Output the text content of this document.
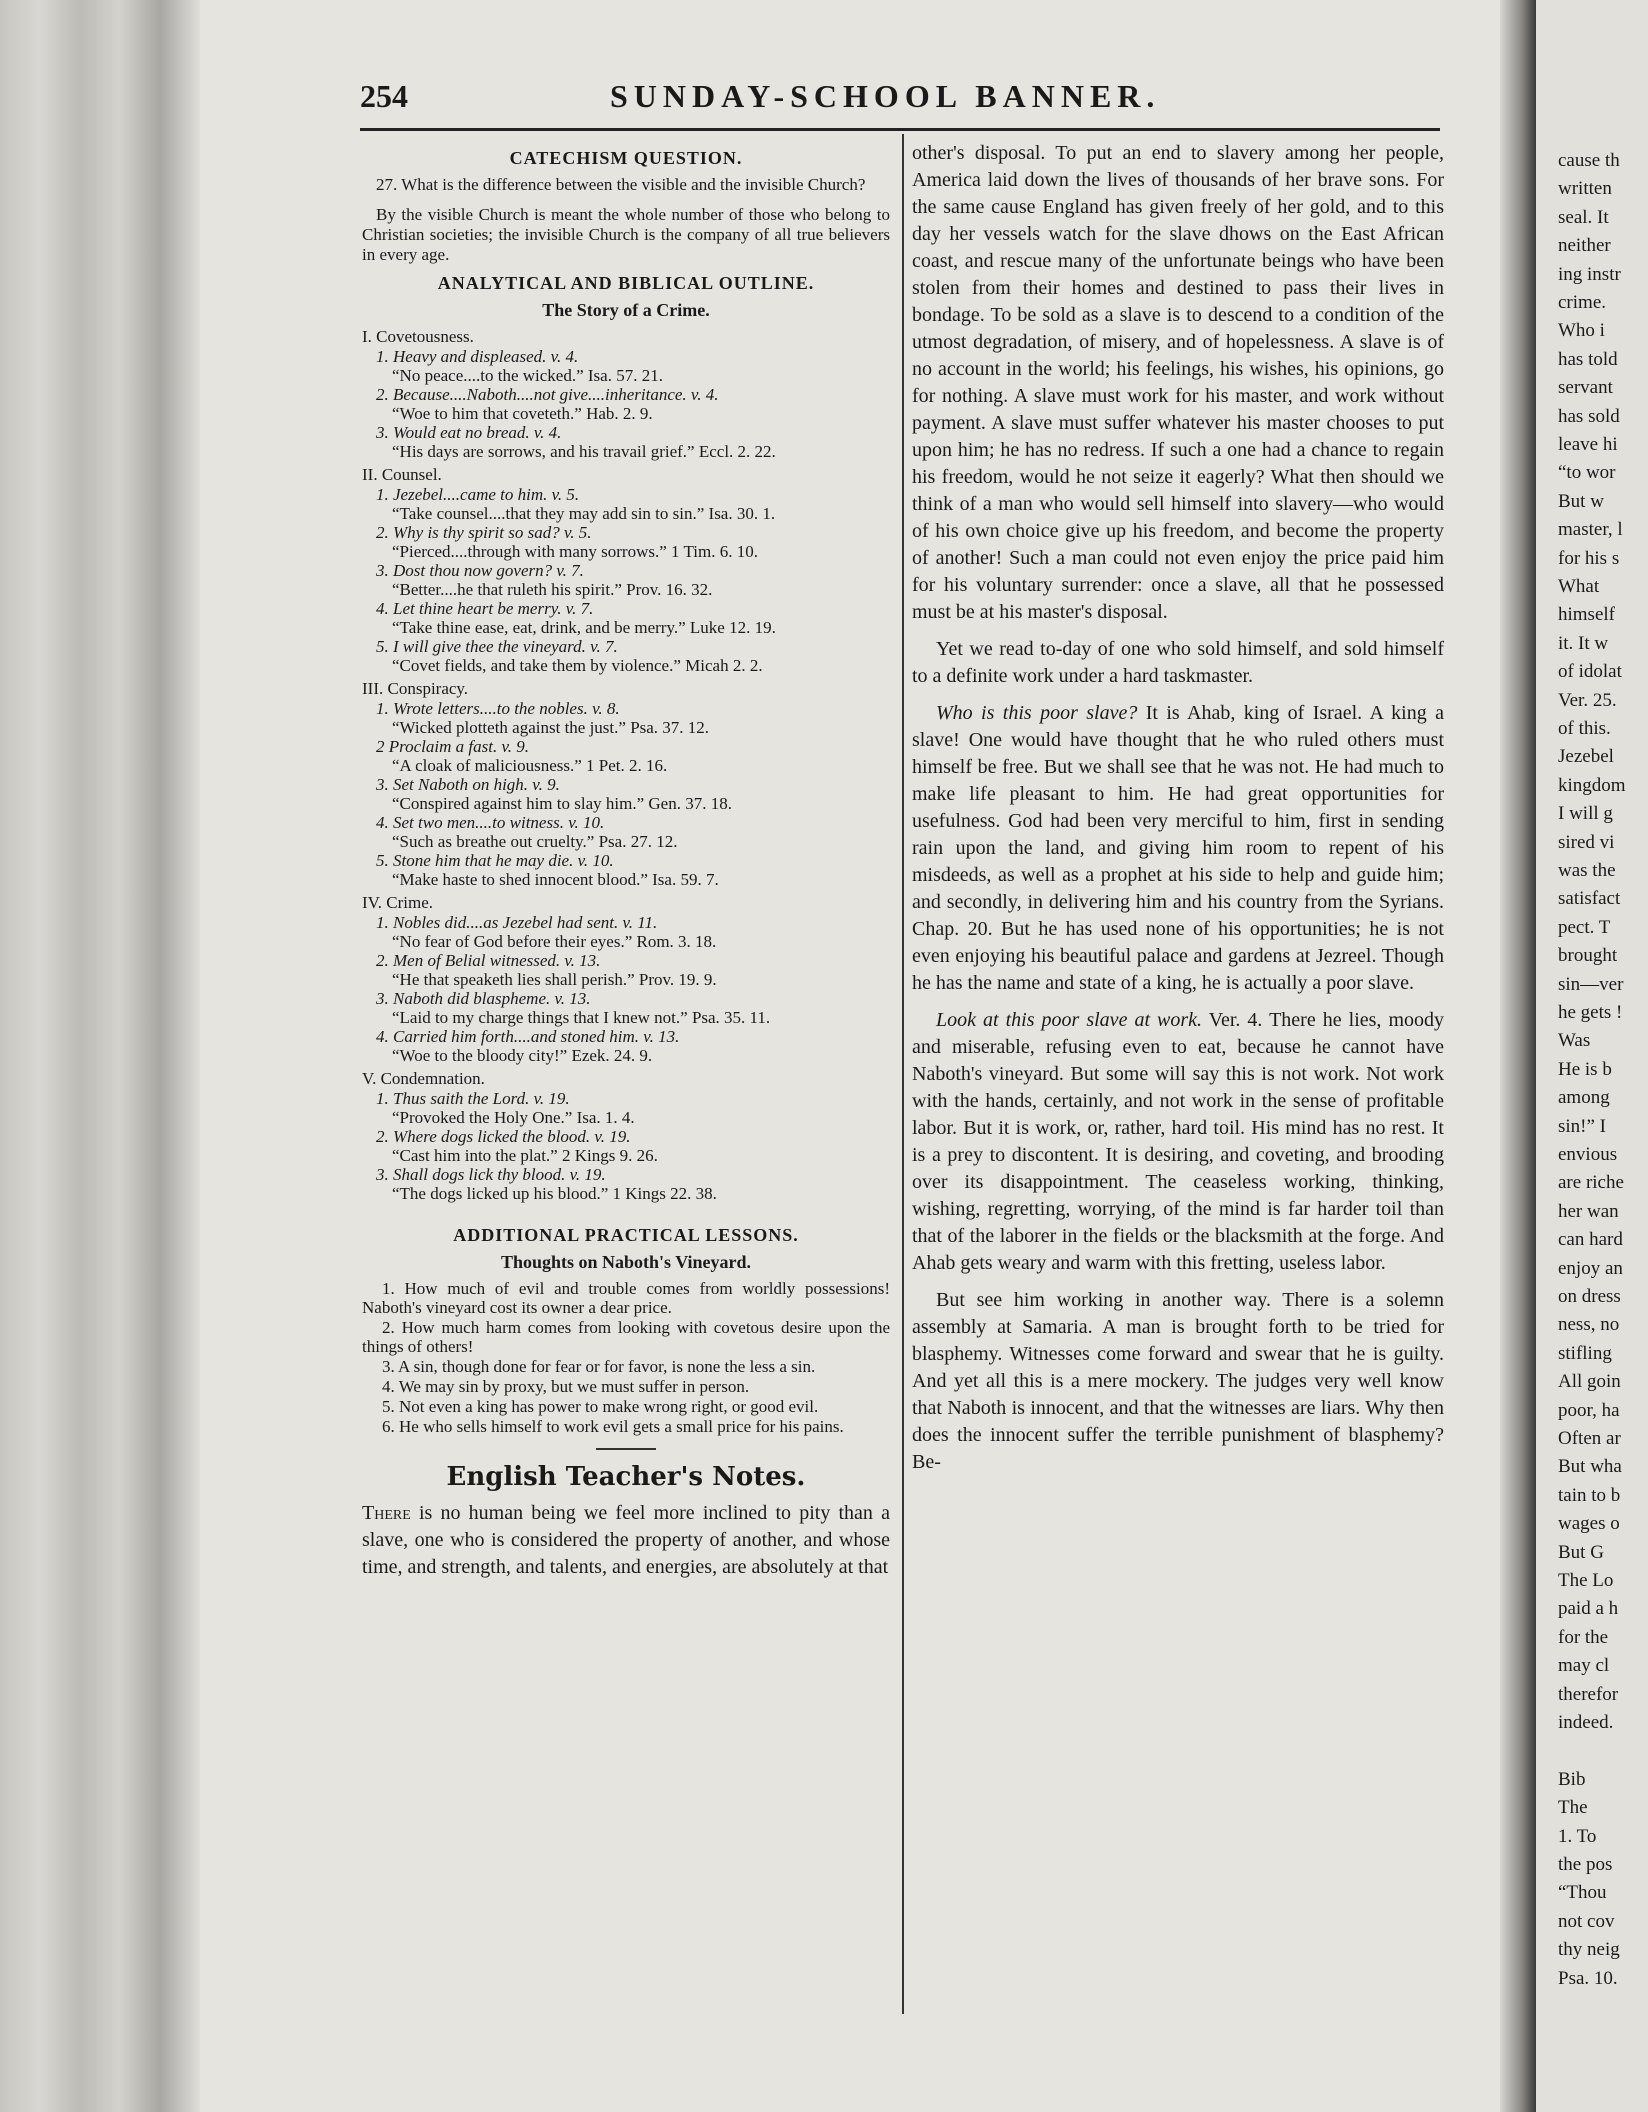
254	SUNDAY-SCHOOL BANNER.
CATECHISM QUESTION.
27. What is the difference between the visible and the invisible Church?
By the visible Church is meant the whole number of those who belong to Christian societies; the invisible Church is the company of all true believers in every age.
ANALYTICAL AND BIBLICAL OUTLINE.
The Story of a Crime.
I. Covetousness.
1. Heavy and displeased. v. 4.
“No peace....to the wicked.” Isa. 57. 21.
2. Because....Naboth....not give....inheritance. v. 4.
“Woe to him that coveteth.” Hab. 2. 9.
3. Would eat no bread. v. 4.
“His days are sorrows, and his travail grief.” Eccl. 2. 22.
II. Counsel.
1. Jezebel....came to him. v. 5.
“Take counsel....that they may add sin to sin.” Isa. 30. 1.
2. Why is thy spirit so sad? v. 5.
“Pierced....through with many sorrows.” 1 Tim. 6. 10.
3. Dost thou now govern? v. 7.
“Better....he that ruleth his spirit.” Prov. 16. 32.
4. Let thine heart be merry. v. 7.
“Take thine ease, eat, drink, and be merry.” Luke 12. 19.
5. I will give thee the vineyard. v. 7.
“Covet fields, and take them by violence.” Micah 2. 2.
III. Conspiracy.
1. Wrote letters....to the nobles. v. 8.
“Wicked plotteth against the just.” Psa. 37. 12.
2 Proclaim a fast. v. 9.
“A cloak of maliciousness.” 1 Pet. 2. 16.
3. Set Naboth on high. v. 9.
“Conspired against him to slay him.” Gen. 37. 18.
4. Set two men....to witness. v. 10.
“Such as breathe out cruelty.” Psa. 27. 12.
5. Stone him that he may die. v. 10.
“Make haste to shed innocent blood.” Isa. 59. 7.
IV. Crime.
1. Nobles did....as Jezebel had sent. v. 11.
“No fear of God before their eyes.” Rom. 3. 18.
2. Men of Belial witnessed. v. 13.
“He that speaketh lies shall perish.” Prov. 19. 9.
3. Naboth did blaspheme. v. 13.
“Laid to my charge things that I knew not.” Psa. 35. 11.
4. Carried him forth....and stoned him. v. 13.
“Woe to the bloody city!” Ezek. 24. 9.
V. Condemnation.
1. Thus saith the Lord. v. 19.
“Provoked the Holy One.” Isa. 1. 4.
2. Where dogs licked the blood. v. 19.
“Cast him into the plat.” 2 Kings 9. 26.
3. Shall dogs lick thy blood. v. 19.
“The dogs licked up his blood.” 1 Kings 22. 38.
ADDITIONAL PRACTICAL LESSONS.
Thoughts on Naboth's Vineyard.
1. How much of evil and trouble comes from worldly possessions! Naboth's vineyard cost its owner a dear price.
2. How much harm comes from looking with covetous desire upon the things of others!
3. A sin, though done for fear or for favor, is none the less a sin.
4. We may sin by proxy, but we must suffer in person.
5. Not even a king has power to make wrong right, or good evil.
6. He who sells himself to work evil gets a small price for his pains.
English Teacher's Notes.

There is no human being we feel more inclined to pity than a slave, one who is considered the property of another, and whose time, and strength, and talents, and energies, are absolutely at that

other's disposal. To put an end to slavery among her people, America laid down the lives of thousands of her brave sons. For the same cause England has given freely of her gold, and to this day her vessels watch for the slave dhows on the East African coast, and rescue many of the unfortunate beings who have been stolen from their homes and destined to pass their lives in bondage. To be sold as a slave is to descend to a condition of the utmost degradation, of misery, and of hopelessness. A slave is of no account in the world; his feelings, his wishes, his opinions, go for nothing. A slave must work for his master, and work without payment. A slave must suffer whatever his master chooses to put upon him; he has no redress. If such a one had a chance to regain his freedom, would he not seize it eagerly? What then should we think of a man who would sell himself into slavery—who would of his own choice give up his freedom, and become the property of another! Such a man could not even enjoy the price paid him for his voluntary surrender: once a slave, all that he possessed must be at his master's disposal.

Yet we read to-day of one who sold himself, and sold himself to a definite work under a hard taskmaster.

Who is this poor slave? It is Ahab, king of Israel. A king a slave! One would have thought that he who ruled others must himself be free. But we shall see that he was not. He had much to make life pleasant to him. He had great opportunities for usefulness. God had been very merciful to him, first in sending rain upon the land, and giving him room to repent of his misdeeds, as well as a prophet at his side to help and guide him; and secondly, in delivering him and his country from the Syrians. Chap. 20. But he has used none of his opportunities; he is not even enjoying his beautiful palace and gardens at Jezreel. Though he has the name and state of a king, he is actually a poor slave.

Look at this poor slave at work. Ver. 4. There he lies, moody and miserable, refusing even to eat, because he cannot have Naboth's vineyard. But some will say this is not work. Not work with the hands, certainly, and not work in the sense of profitable labor. But it is work, or, rather, hard toil. His mind has no rest. It is a prey to discontent. It is desiring, and coveting, and brooding over its disappointment. The ceaseless working, thinking, wishing, regretting, worrying, of the mind is far harder toil than that of the laborer in the fields or the blacksmith at the forge. And Ahab gets weary and warm with this fretting, useless labor.

But see him working in another way. There is a solemn assembly at Samaria. A man is brought forth to be tried for blasphemy. Witnesses come forward and swear that he is guilty. And yet all this is a mere mockery. The judges very well know that Naboth is innocent, and that the witnesses are liars. Why then does the innocent suffer the terrible punishment of blasphemy? Be-

cause th
written
seal. It
neither
ing instr
crime.
Who i
has told
servant
has sold
leave hi
“to wor
But w
master, l
for his s
What
himself
it. It w
of idolat
Ver. 25.
of this.
Jezebel
kingdom
I will g
sired vi
was the
satisfact
pect. T
brought
sin—ver
he gets !
Was
He is b
among
sin!” I
envious
are riche
her wan
can hard
enjoy an
on dress
ness, no
stifling
All goin
poor, ha
Often ar
But wha
tain to b
wages o
But G
The Lo
paid a h
for the
may cl
therefor
indeed.
Bib
The
1. To
the pos
“Thou
not cov
thy neig
Psa. 10.
